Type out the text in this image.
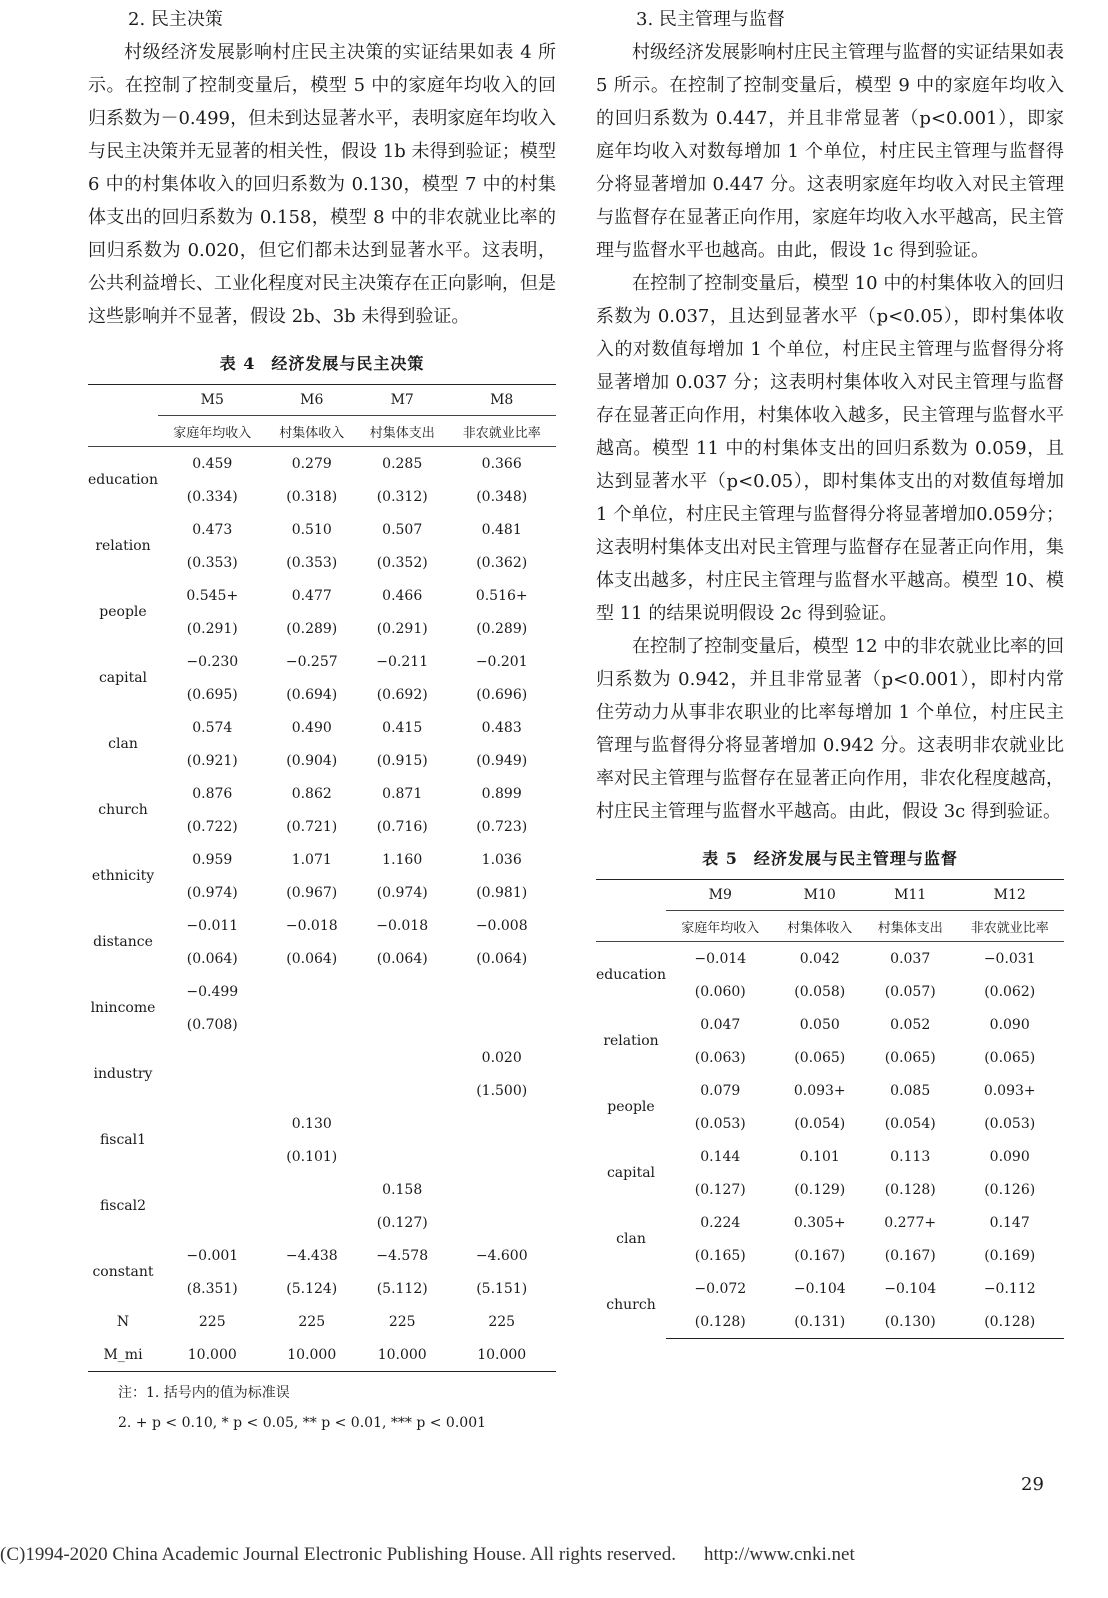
2. 民主决策

村级经济发展影响村庄民主决策的实证结果如表 4 所示。在控制了控制变量后，模型 5 中的家庭年均收入的回归系数为－0.499，但未到达显著水平，表明家庭年均收入与民主决策并无显著的相关性，假设 1b 未得到验证；模型 6 中的村集体收入的回归系数为 0.130，模型 7 中的村集体支出的回归系数为 0.158，模型 8 中的非农就业比率的回归系数为 0.020，但它们都未达到显著水平。这表明，公共利益增长、工业化程度对民主决策存在正向影响，但是这些影响并不显著，假设 2b、3b 未得到验证。

表 4 经济发展与民主决策
	M5	M6	M7	M8
	家庭年均收入	村集体收入	村集体支出	非农就业比率
education	0.459	0.279	0.285	0.366
	(0.334)	(0.318)	(0.312)	(0.348)
relation	0.473	0.510	0.507	0.481
	(0.353)	(0.353)	(0.352)	(0.362)
people	0.545+	0.477	0.466	0.516+
	(0.291)	(0.289)	(0.291)	(0.289)
capital	−0.230	−0.257	−0.211	−0.201
	(0.695)	(0.694)	(0.692)	(0.696)
clan	0.574	0.490	0.415	0.483
	(0.921)	(0.904)	(0.915)	(0.949)
church	0.876	0.862	0.871	0.899
	(0.722)	(0.721)	(0.716)	(0.723)
ethnicity	0.959	1.071	1.160	1.036
	(0.974)	(0.967)	(0.974)	(0.981)
distance	−0.011	−0.018	−0.018	−0.008
	(0.064)	(0.064)	(0.064)	(0.064)
lnincome	−0.499			
	(0.708)			
industry				0.020
				(1.500)
fiscal1		0.130		
		(0.101)		
fiscal2			0.158	
			(0.127)	
constant	−0.001	−4.438	−4.578	−4.600
	(8.351)	(5.124)	(5.112)	(5.151)
N	225	225	225	225
M_mi	10.000	10.000	10.000	10.000
注：1. 括号内的值为标准误
2. + p < 0.10, * p < 0.05, ** p < 0.01, *** p < 0.001
3. 民主管理与监督

村级经济发展影响村庄民主管理与监督的实证结果如表 5 所示。在控制了控制变量后，模型 9 中的家庭年均收入的回归系数为 0.447，并且非常显著（p<0.001），即家庭年均收入对数每增加 1 个单位，村庄民主管理与监督得分将显著增加 0.447 分。这表明家庭年均收入对民主管理与监督存在显著正向作用，家庭年均收入水平越高，民主管理与监督水平也越高。由此，假设 1c 得到验证。

在控制了控制变量后，模型 10 中的村集体收入的回归系数为 0.037，且达到显著水平（p<0.05），即村集体收入的对数值每增加 1 个单位，村庄民主管理与监督得分将显著增加 0.037 分；这表明村集体收入对民主管理与监督存在显著正向作用，村集体收入越多，民主管理与监督水平越高。模型 11 中的村集体支出的回归系数为 0.059，且达到显著水平（p<0.05），即村集体支出的对数值每增加 1 个单位，村庄民主管理与监督得分将显著增加0.059分；这表明村集体支出对民主管理与监督存在显著正向作用，集体支出越多，村庄民主管理与监督水平越高。模型 10、模型 11 的结果说明假设 2c 得到验证。

在控制了控制变量后，模型 12 中的非农就业比率的回归系数为 0.942，并且非常显著（p<0.001），即村内常住劳动力从事非农职业的比率每增加 1 个单位，村庄民主管理与监督得分将显著增加 0.942 分。这表明非农就业比率对民主管理与监督存在显著正向作用，非农化程度越高，村庄民主管理与监督水平越高。由此，假设 3c 得到验证。

表 5 经济发展与民主管理与监督
	M9	M10	M11	M12
	家庭年均收入	村集体收入	村集体支出	非农就业比率
education	−0.014	0.042	0.037	−0.031
	(0.060)	(0.058)	(0.057)	(0.062)
relation	0.047	0.050	0.052	0.090
	(0.063)	(0.065)	(0.065)	(0.065)
people	0.079	0.093+	0.085	0.093+
	(0.053)	(0.054)	(0.054)	(0.053)
capital	0.144	0.101	0.113	0.090
	(0.127)	(0.129)	(0.128)	(0.126)
clan	0.224	0.305+	0.277+	0.147
	(0.165)	(0.167)	(0.167)	(0.169)
church	−0.072	−0.104	−0.104	−0.112
	(0.128)	(0.131)	(0.130)	(0.128)
29
(C)1994-2020 China Academic Journal Electronic Publishing House. All rights reserved. http://www.cnki.net
